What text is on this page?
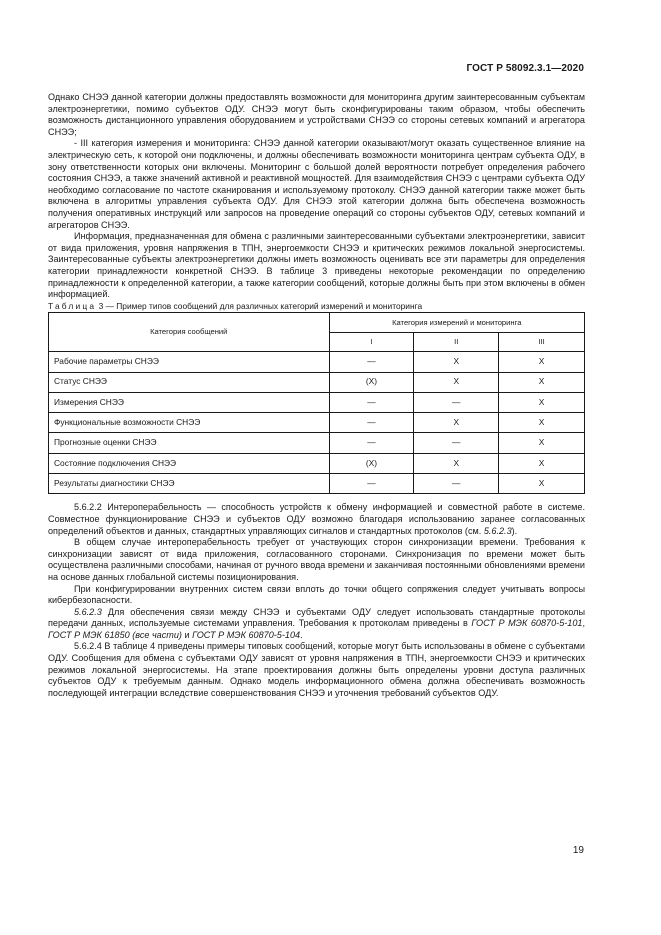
ГОСТ Р 58092.3.1—2020

Однако СНЭЭ данной категории должны предоставлять возможности для мониторинга другим заинтересованным субъектам электроэнергетики, помимо субъектов ОДУ. СНЭЭ могут быть сконфигурированы таким образом, чтобы обеспечить возможность дистанционного управления оборудованием и устройствами СНЭЭ со стороны сетевых компаний и агрегатора СНЭЭ;

- III категория измерения и мониторинга: СНЭЭ данной категории оказывают/могут оказать существенное влияние на электрическую сеть, к которой они подключены, и должны обеспечивать возможности мониторинга центрам субъекта ОДУ, в зону ответственности которых они включены. Мониторинг с большой долей вероятности потребует определения рабочего состояния СНЭЭ, а также значений активной и реактивной мощностей. Для взаимодействия СНЭЭ с центрами субъекта ОДУ необходимо согласование по частоте сканирования и используемому протоколу. СНЭЭ данной категории также может быть включена в алгоритмы управления субъекта ОДУ. Для СНЭЭ этой категории должна быть обеспечена возможность получения оперативных инструкций или запросов на проведение операций со стороны субъектов ОДУ, сетевых компаний и агрегаторов СНЭЭ.

Информация, предназначенная для обмена с различными заинтересованными субъектами электроэнергетики, зависит от вида приложения, уровня напряжения в ТПН, энергоемкости СНЭЭ и критических режимов локальной энергосистемы. Заинтересованные субъекты электроэнергетики должны иметь возможность оценивать все эти параметры для определения категории принадлежности конкретной СНЭЭ. В таблице 3 приведены некоторые рекомендации по определению принадлежности к определенной категории, а также категории сообщений, которые должны быть при этом включены в обмен информацией.

Таблица 3 — Пример типов сообщений для различных категорий измерений и мониторинга

Категория сообщений	Категория измерений и мониторинга		
	I	II	III
Рабочие параметры СНЭЭ	—	X	X
Статус СНЭЭ	(X)	X	X
Измерения СНЭЭ	—	—	X
Функциональные возможности СНЭЭ	—	X	X
Прогнозные оценки СНЭЭ	—	—	X
Состояние подключения СНЭЭ	(X)	X	X
Результаты диагностики СНЭЭ	—	—	X

5.6.2.2 Интероперабельность — способность устройств к обмену информацией и совместной работе в системе. Совместное функционирование СНЭЭ и субъектов ОДУ возможно благодаря использованию заранее согласованных определений объектов и данных, стандартных управляющих сигналов и стандартных протоколов (см. 5.6.2.3).

В общем случае интероперабельность требует от участвующих сторон синхронизации времени. Требования к синхронизации зависят от вида приложения, согласованного сторонами. Синхронизация по времени может быть осуществлена различными способами, начиная от ручного ввода времени и заканчивая постоянными обновлениями времени на основе данных глобальной системы позиционирования.

При конфигурировании внутренних систем связи вплоть до точки общего сопряжения следует учитывать вопросы кибербезопасности.

5.6.2.3 Для обеспечения связи между СНЭЭ и субъектами ОДУ следует использовать стандартные протоколы передачи данных, используемые системами управления. Требования к протоколам приведены в ГОСТ Р МЭК 60870-5-101, ГОСТ Р МЭК 61850 (все части) и ГОСТ Р МЭК 60870-5-104.

5.6.2.4 В таблице 4 приведены примеры типовых сообщений, которые могут быть использованы в обмене с субъектами ОДУ. Сообщения для обмена с субъектами ОДУ зависят от уровня напряжения в ТПН, энергоемкости СНЭЭ и критических режимов локальной энергосистемы. На этапе проектирования должны быть определены уровни доступа различных субъектов ОДУ к требуемым данным. Однако модель информационного обмена должна обеспечивать возможность последующей интеграции вследствие совершенствования СНЭЭ и уточнения требований субъектов ОДУ.

19
